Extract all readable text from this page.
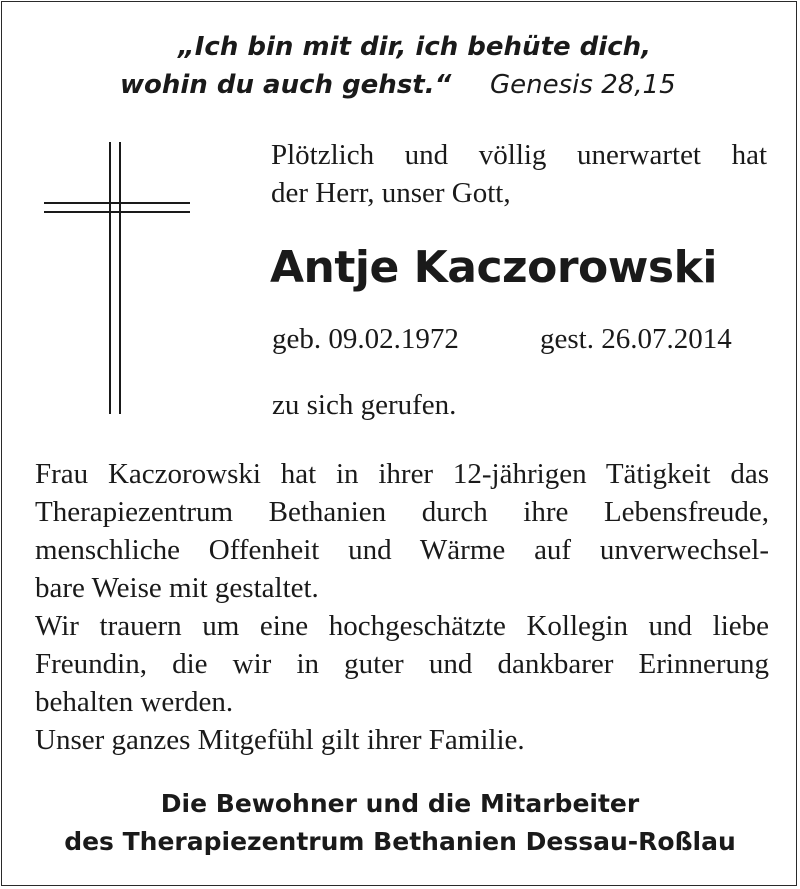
„Ich bin mit dir, ich behüte dich,
wohin du auch gehst.“ Genesis 28,15
Plötzlich und völlig unerwartet hat
der Herr, unser Gott,
Antje Kaczorowski
geb. 09.02.1972	gest. 26.07.2014
zu sich gerufen.
Frau Kaczorowski hat in ihrer 12-jährigen Tätigkeit das
Therapiezentrum Bethanien durch ihre Lebensfreude,
menschliche Offenheit und Wärme auf unverwechsel-
bare Weise mit gestaltet.
Wir trauern um eine hochgeschätzte Kollegin und liebe
Freundin, die wir in guter und dankbarer Erinnerung
behalten werden.
Unser ganzes Mitgefühl gilt ihrer Familie.
Die Bewohner und die Mitarbeiter
des Therapiezentrum Bethanien Dessau-Roßlau
